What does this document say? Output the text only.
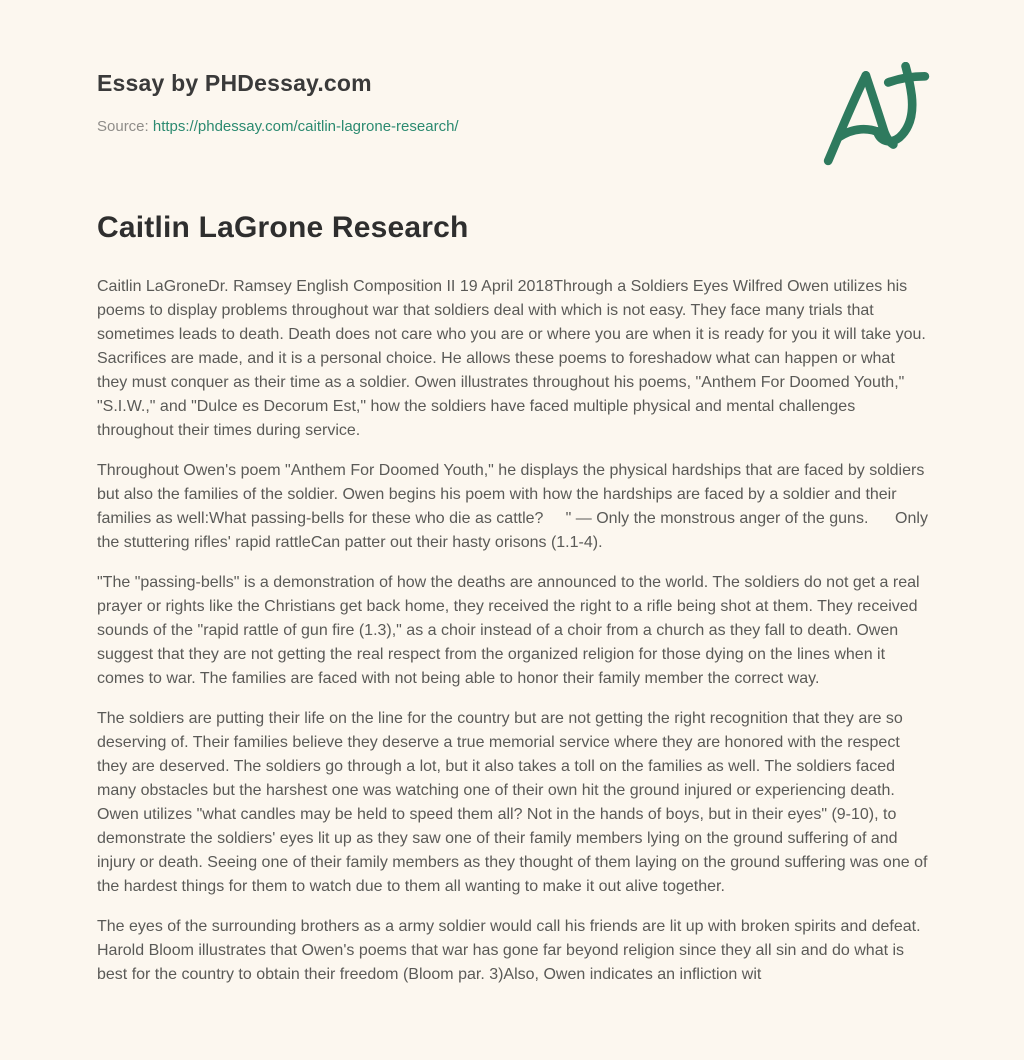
Essay by PHDessay.com
Source: https://phdessay.com/caitlin-lagrone-research/
Caitlin LaGrone Research

Caitlin LaGroneDr. Ramsey English Composition II 19 April 2018Through a Soldiers Eyes Wilfred Owen utilizes his poems to display problems throughout war that soldiers deal with which is not easy. They face many trials that sometimes leads to death. Death does not care who you are or where you are when it is ready for you it will take you. Sacrifices are made, and it is a personal choice. He allows these poems to foreshadow what can happen or what they must conquer as their time as a soldier. Owen illustrates throughout his poems, "Anthem For Doomed Youth," "S.I.W.," and "Dulce es Decorum Est," how the soldiers have faced multiple physical and mental challenges throughout their times during service.

Throughout Owen's poem "Anthem For Doomed Youth," he displays the physical hardships that are faced by soldiers but also the families of the soldier. Owen begins his poem with how the hardships are faced by a soldier and their families as well:What passing-bells for these who die as cattle?     " — Only the monstrous anger of the guns.      Only the stuttering rifles' rapid rattleCan patter out their hasty orisons (1.1-4).

"The "passing-bells" is a demonstration of how the deaths are announced to the world. The soldiers do not get a real prayer or rights like the Christians get back home, they received the right to a rifle being shot at them. They received sounds of the "rapid rattle of gun fire (1.3)," as a choir instead of a choir from a church as they fall to death. Owen suggest that they are not getting the real respect from the organized religion for those dying on the lines when it comes to war. The families are faced with not being able to honor their family member the correct way.

The soldiers are putting their life on the line for the country but are not getting the right recognition that they are so deserving of. Their families believe they deserve a true memorial service where they are honored with the respect they are deserved. The soldiers go through a lot, but it also takes a toll on the families as well. The soldiers faced many obstacles but the harshest one was watching one of their own hit the ground injured or experiencing death. Owen utilizes "what candles may be held to speed them all? Not in the hands of boys, but in their eyes" (9-10), to demonstrate the soldiers' eyes lit up as they saw one of their family members lying on the ground suffering of and injury or death. Seeing one of their family members as they thought of them laying on the ground suffering was one of the hardest things for them to watch due to them all wanting to make it out alive together.

The eyes of the surrounding brothers as a army soldier would call his friends are lit up with broken spirits and defeat. Harold Bloom illustrates that Owen's poems that war has gone far beyond religion since they all sin and do what is best for the country to obtain their freedom (Bloom par. 3)Also, Owen indicates an infliction wit
